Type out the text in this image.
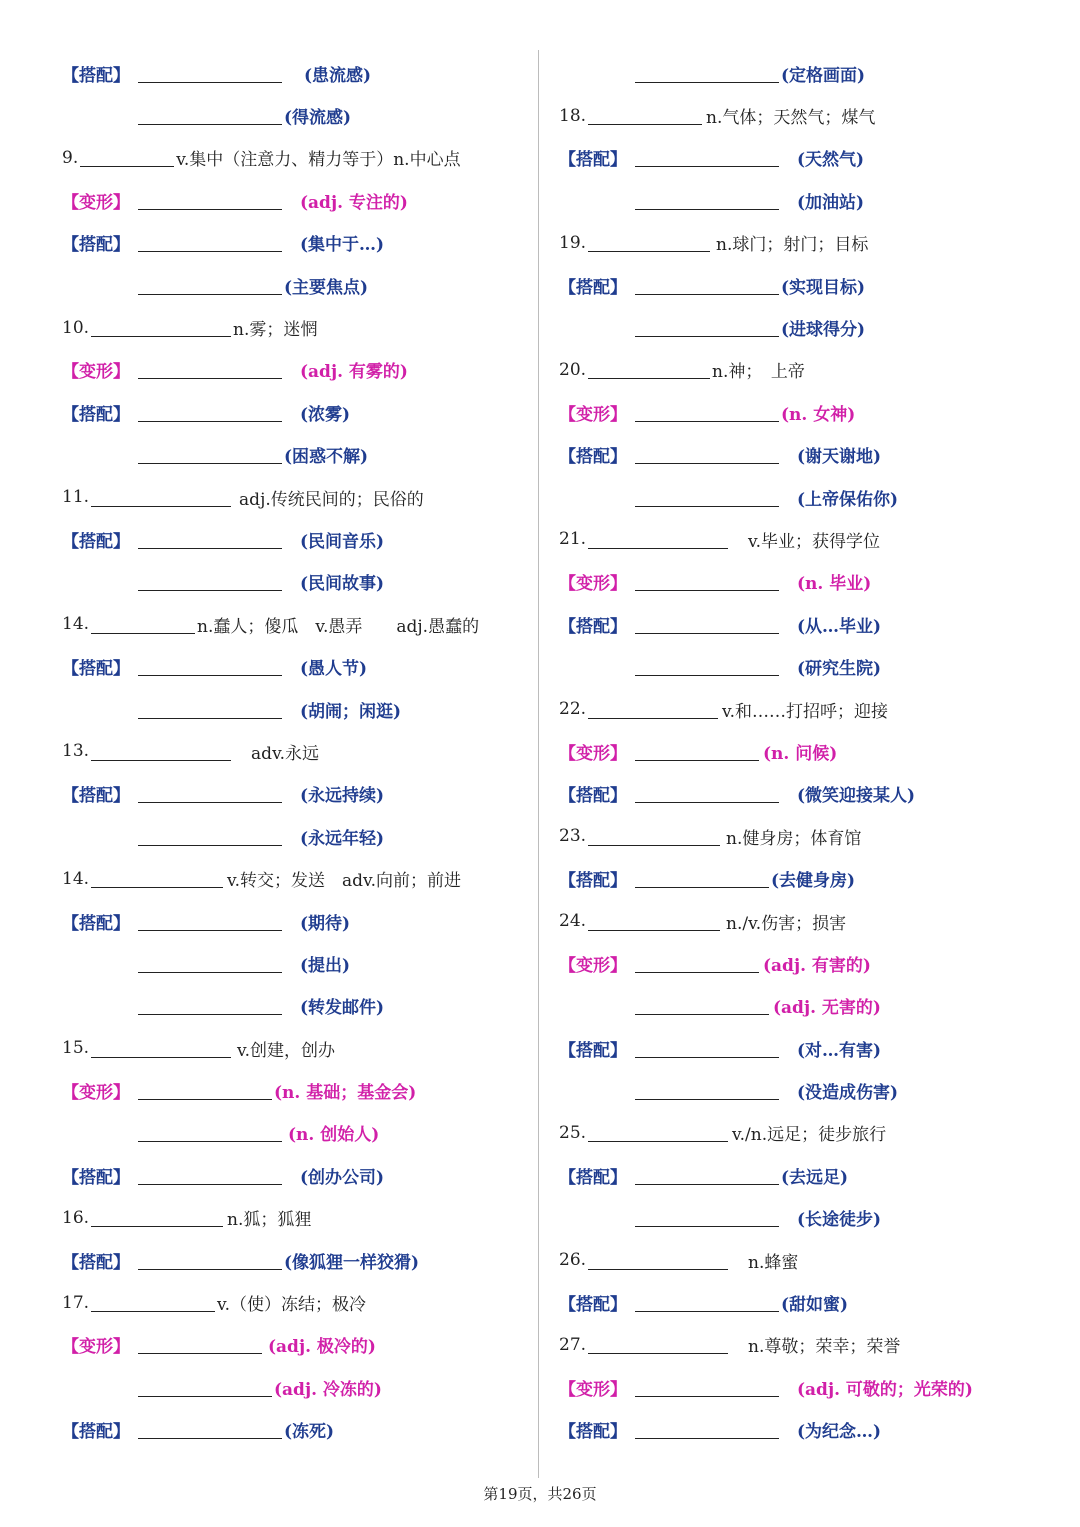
【搭配】	(患流感)
(得流感)
9.	v.集中（注意力、精力等于）n.中心点
【变形】	(adj. 专注的)
【搭配】	(集中于…)
(主要焦点)
10.	n.雾；迷惘
【变形】	(adj. 有雾的)
【搭配】	(浓雾)
(困惑不解)
11.	adj.传统民间的；民俗的
【搭配】	(民间音乐)
(民间故事)
14.	n.蠢人；傻瓜　v.愚弄　　adj.愚蠢的
【搭配】	(愚人节)
(胡闹；闲逛)
13.	adv.永远
【搭配】	(永远持续)
(永远年轻)
14.	v.转交；发送　adv.向前；前进
【搭配】	(期待)
(提出)
(转发邮件)
15.	v.创建，创办
【变形】	(n. 基础；基金会)
(n. 创始人)
【搭配】	(创办公司)
16.	n.狐；狐狸
【搭配】	(像狐狸一样狡猾)
17.	v.（使）冻结；极冷
【变形】	(adj. 极冷的)
(adj. 冷冻的)
【搭配】	(冻死)
(定格画面)
18.	n.气体；天然气；煤气
【搭配】	(天然气)
(加油站)
19.	n.球门；射门；目标
【搭配】	(实现目标)
(进球得分)
20.	n.神；　上帝
【变形】	(n. 女神)
【搭配】	(谢天谢地)
(上帝保佑你)
21.	v.毕业；获得学位
【变形】	(n. 毕业)
【搭配】	(从…毕业)
(研究生院)
22.	v.和……打招呼；迎接
【变形】	(n. 问候)
【搭配】	(微笑迎接某人)
23.	n.健身房；体育馆
【搭配】	(去健身房)
24.	n./v.伤害；损害
【变形】	(adj. 有害的)
(adj. 无害的)
【搭配】	(对…有害)
(没造成伤害)
25.	v./n.远足；徒步旅行
【搭配】	(去远足)
(长途徒步)
26.	n.蜂蜜
【搭配】	(甜如蜜)
27.	n.尊敬；荣幸；荣誉
【变形】	(adj. 可敬的；光荣的)
【搭配】	(为纪念…)
第19页，共26页
